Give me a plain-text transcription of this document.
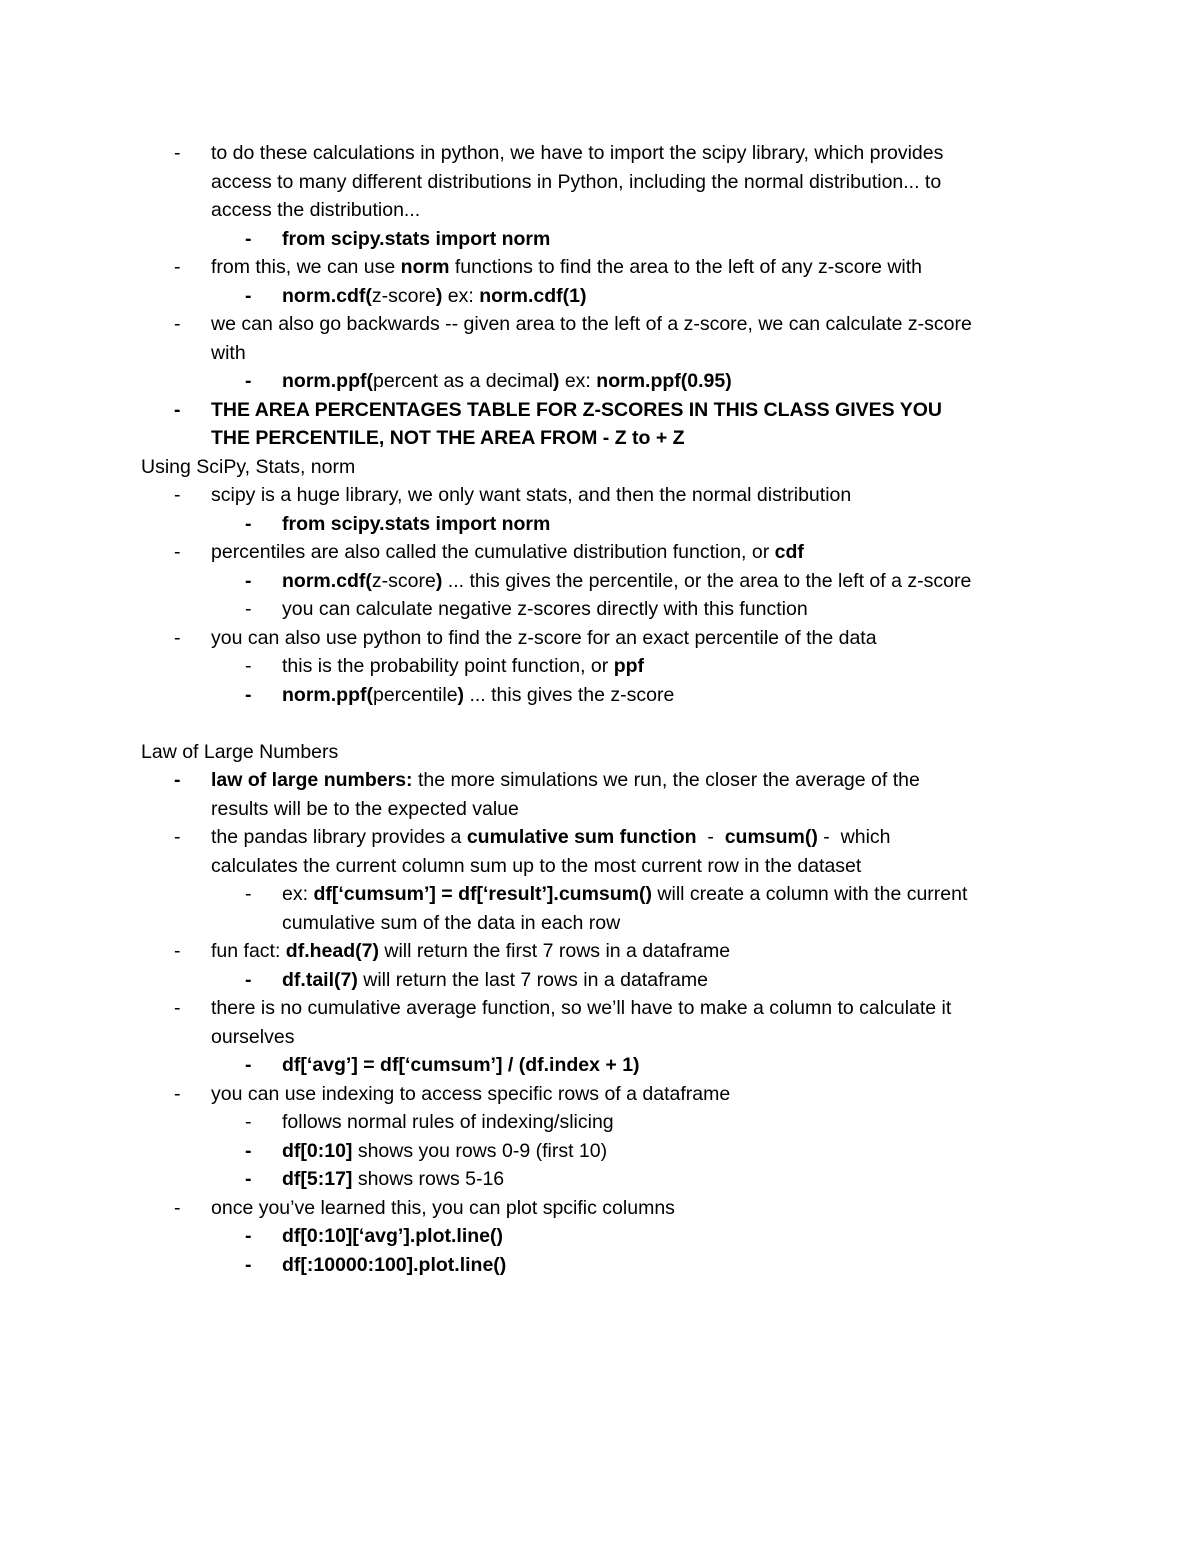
-	to do these calculations in python, we have to import the scipy library, which provides
access to many different distributions in Python, including the normal distribution... to
access the distribution...
-	from scipy.stats import norm
-	from this, we can use norm functions to find the area to the left of any z-score with
-	norm.cdf(z-score) ex: norm.cdf(1)
-	we can also go backwards -- given area to the left of a z-score, we can calculate z-score
with
-	norm.ppf(percent as a decimal) ex: norm.ppf(0.95)
-	THE AREA PERCENTAGES TABLE FOR Z-SCORES IN THIS CLASS GIVES YOU
THE PERCENTILE, NOT THE AREA FROM - Z to + Z
Using SciPy, Stats, norm
-	scipy is a huge library, we only want stats, and then the normal distribution
-	from scipy.stats import norm
-	percentiles are also called the cumulative distribution function, or cdf
-	norm.cdf(z-score) ... this gives the percentile, or the area to the left of a z-score
-	you can calculate negative z-scores directly with this function
-	you can also use python to find the z-score for an exact percentile of the data
-	this is the probability point function, or ppf
-	norm.ppf(percentile) ... this gives the z-score
Law of Large Numbers
-	law of large numbers: the more simulations we run, the closer the average of the
results will be to the expected value
-	the pandas library provides a cumulative sum function  -  cumsum() -  which
calculates the current column sum up to the most current row in the dataset
-	ex: df[‘cumsum’] = df[‘result’].cumsum() will create a column with the current
cumulative sum of the data in each row
-	fun fact: df.head(7) will return the first 7 rows in a dataframe
-	df.tail(7) will return the last 7 rows in a dataframe
-	there is no cumulative average function, so we’ll have to make a column to calculate it
ourselves
-	df[‘avg’] = df[‘cumsum’] / (df.index + 1)
-	you can use indexing to access specific rows of a dataframe
-	follows normal rules of indexing/slicing
-	df[0:10] shows you rows 0-9 (first 10)
-	df[5:17] shows rows 5-16
-	once you’ve learned this, you can plot spcific columns
-	df[0:10][‘avg’].plot.line()
-	df[:10000:100].plot.line()
